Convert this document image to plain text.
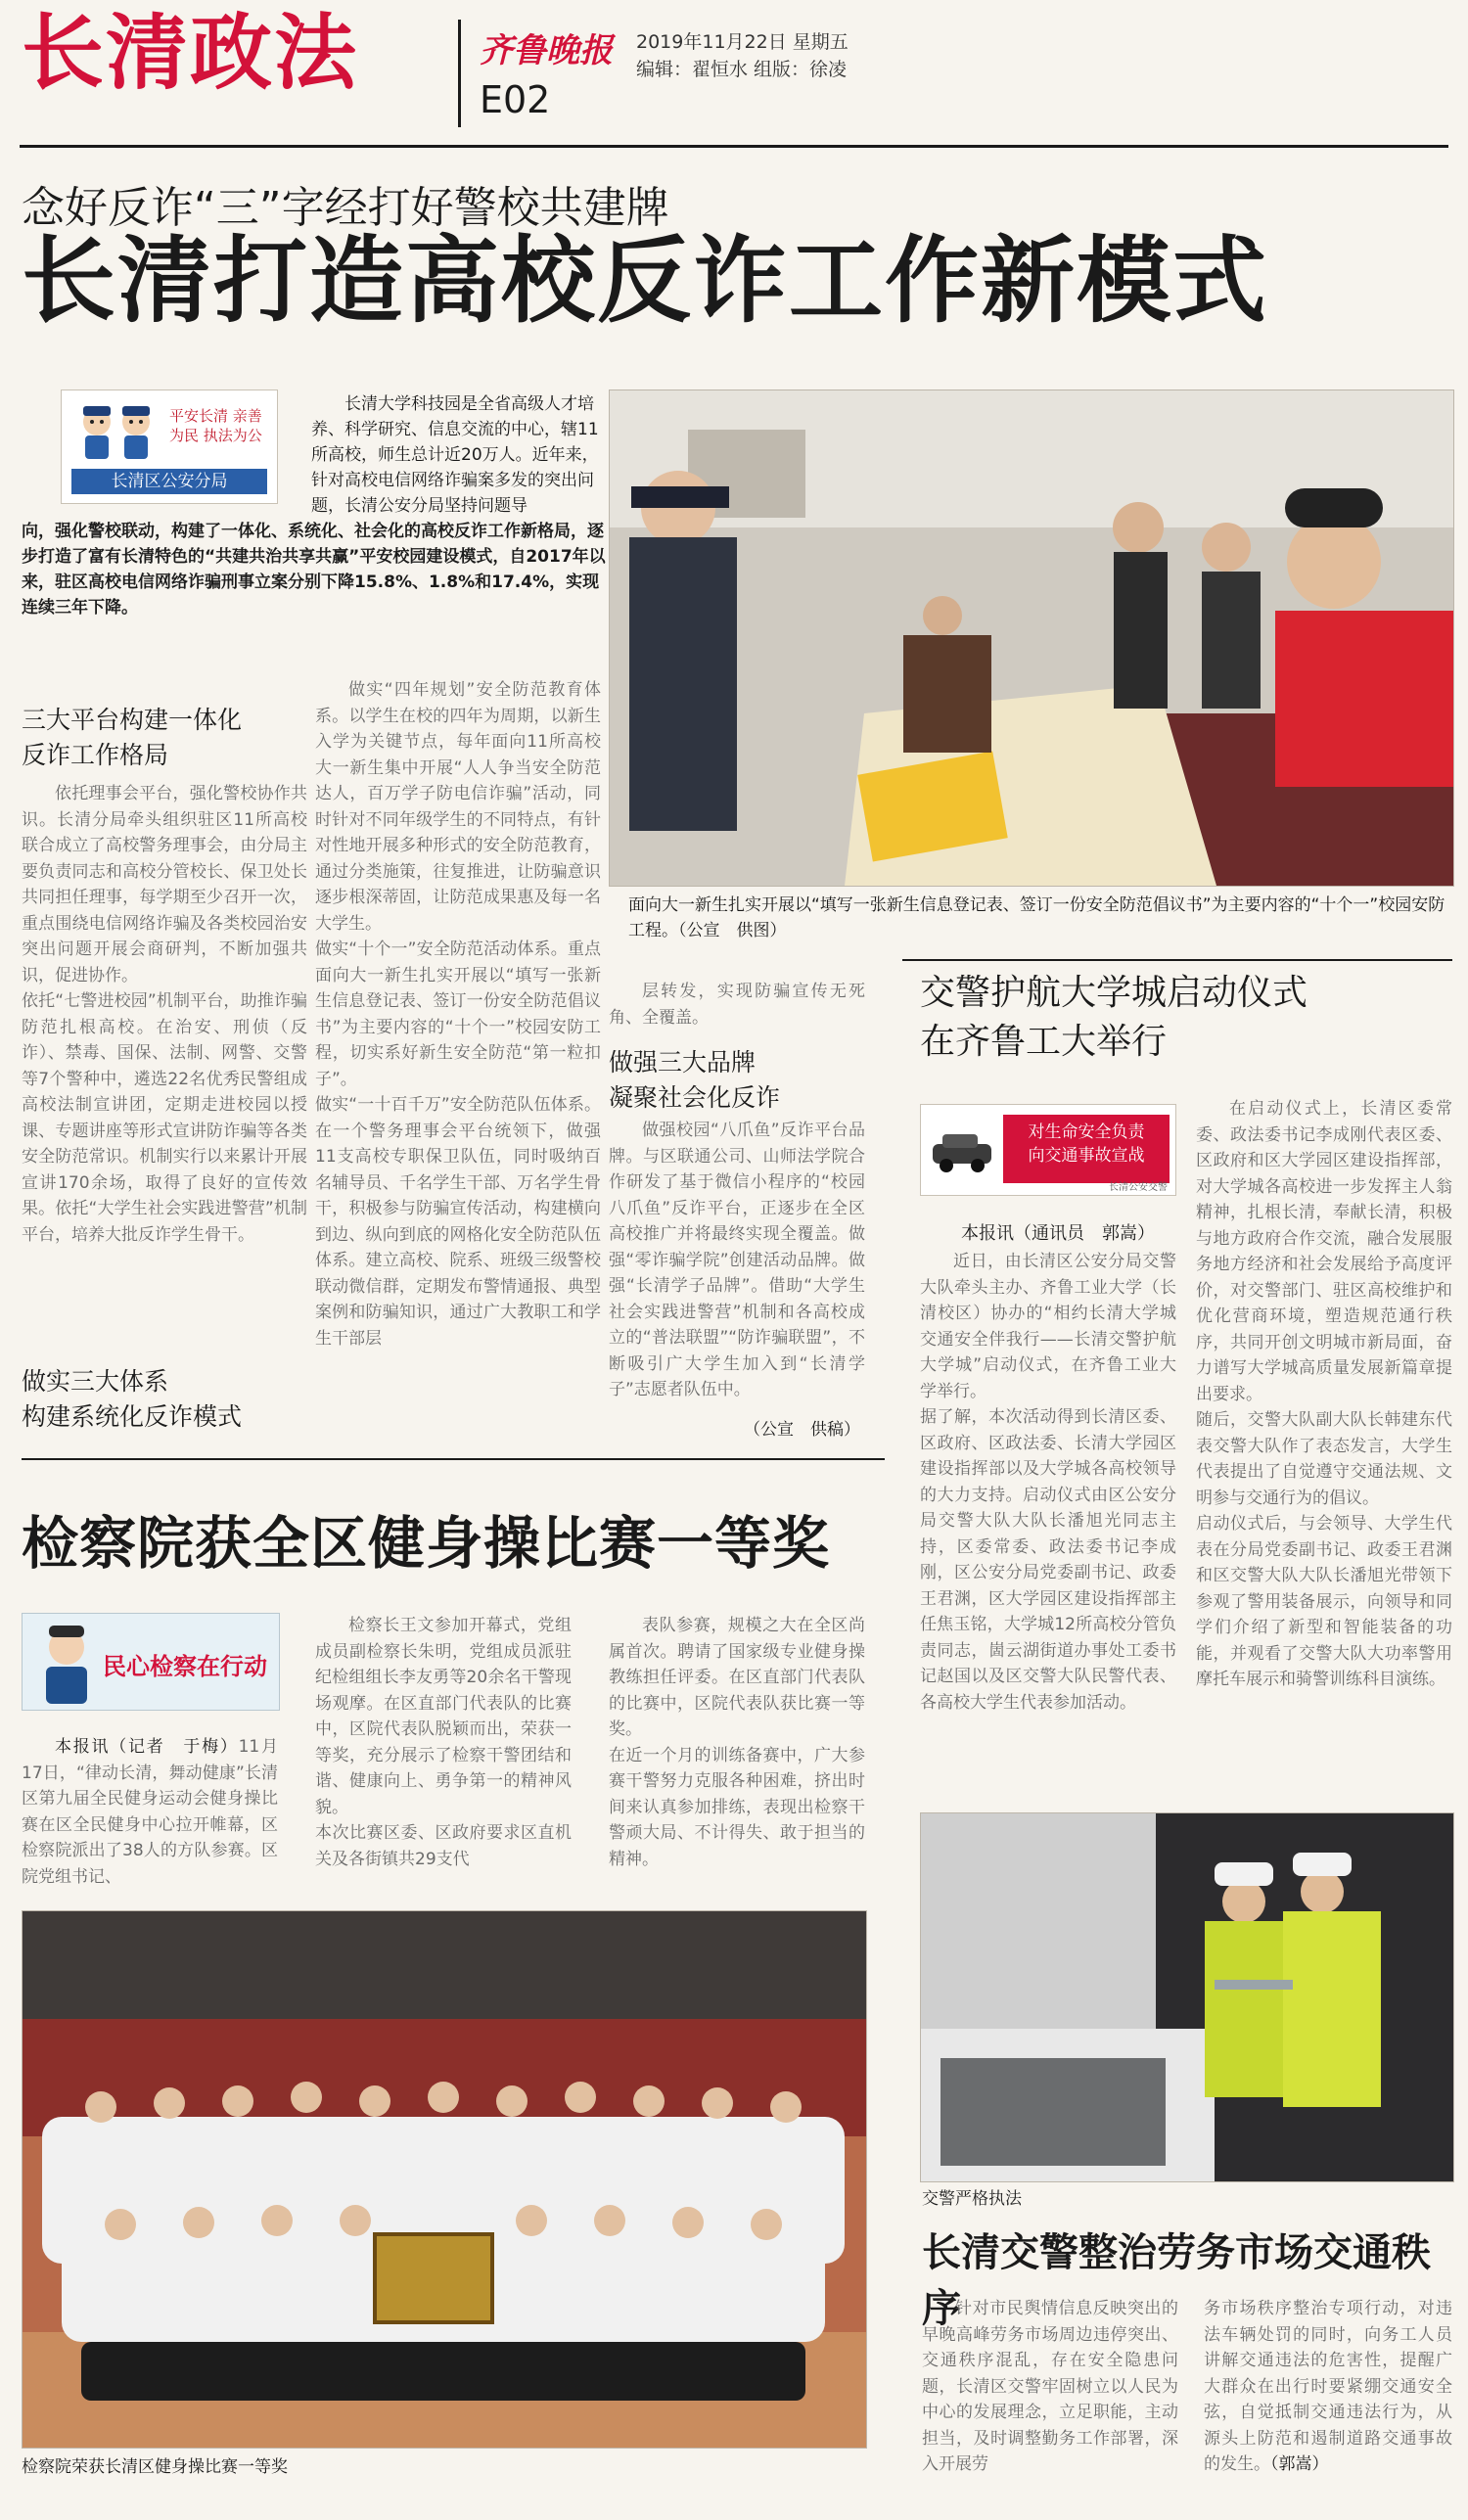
长清政法	齐鲁晚报 2019年11月22日 星期五
编辑：翟恒水 组版：徐凌
E02
念好反诈“三”字经打好警校共建牌
长清打造高校反诈工作新模式
平安长清 亲善为民 执法为公
长清区公安分局
长清大学科技园是全省高级人才培养、科学研究、信息交流的中心，辖11所高校，师生总计近20万人。近年来，针对高校电信网络诈骗案多发的突出问题，长清公安分局坚持问题导
向，强化警校联动，构建了一体化、系统化、社会化的高校反诈工作新格局，逐步打造了富有长清特色的“共建共治共享共赢”平安校园建设模式，自2017年以来，驻区高校电信网络诈骗刑事立案分别下降15.8%、1.8%和17.4%，实现连续三年下降。
面向大一新生扎实开展以“填写一张新生信息登记表、签订一份安全防范倡议书”为主要内容的“十个一”校园安防工程。（公宣　供图）
三大平台构建一体化
反诈工作格局

依托理事会平台，强化警校协作共识。长清分局牵头组织驻区11所高校联合成立了高校警务理事会，由分局主要负责同志和高校分管校长、保卫处长共同担任理事，每学期至少召开一次，重点围绕电信网络诈骗及各类校园治安突出问题开展会商研判，不断加强共识，促进协作。
依托“七警进校园”机制平台，助推诈骗防范扎根高校。在治安、刑侦（反诈）、禁毒、国保、法制、网警、交警等7个警种中，遴选22名优秀民警组成高校法制宣讲团，定期走进校园以授课、专题讲座等形式宣讲防诈骗等各类安全防范常识。机制实行以来累计开展宣讲170余场，取得了良好的宣传效果。依托“大学生社会实践进警营”机制平台，培养大批反诈学生骨干。

做实三大体系
构建系统化反诈模式

做实“四年规划”安全防范教育体系。以学生在校的四年为周期，以新生入学为关键节点，每年面向11所高校大一新生集中开展“人人争当安全防范达人，百万学子防电信诈骗”活动，同时针对不同年级学生的不同特点，有针对性地开展多种形式的安全防范教育，通过分类施策，往复推进，让防骗意识逐步根深蒂固，让防范成果惠及每一名大学生。
做实“十个一”安全防范活动体系。重点面向大一新生扎实开展以“填写一张新生信息登记表、签订一份安全防范倡议书”为主要内容的“十个一”校园安防工程，切实系好新生安全防范“第一粒扣子”。
做实“一十百千万”安全防范队伍体系。在一个警务理事会平台统领下，做强11支高校专职保卫队伍，同时吸纳百名辅导员、千名学生干部、万名学生骨干，积极参与防骗宣传活动，构建横向到边、纵向到底的网格化安全防范队伍体系。建立高校、院系、班级三级警校联动微信群，定期发布警情通报、典型案例和防骗知识，通过广大教职工和学生干部层

层转发，实现防骗宣传无死角、全覆盖。

做强三大品牌
凝聚社会化反诈

做强校园“八爪鱼”反诈平台品牌。与区联通公司、山师法学院合作研发了基于微信小程序的“校园八爪鱼”反诈平台，正逐步在全区高校推广并将最终实现全覆盖。做强“零诈骗学院”创建活动品牌。做强“长清学子品牌”。借助“大学生社会实践进警营”机制和各高校成立的“普法联盟”“防诈骗联盟”，不断吸引广大学生加入到“长清学子”志愿者队伍中。

（公宣　供稿）
交警护航大学城启动仪式
在齐鲁工大举行
对生命安全负责
向交通事故宣战
长清公安交警
本报讯（通讯员　郭嵩）

近日，由长清区公安分局交警大队牵头主办、齐鲁工业大学（长清校区）协办的“相约长清大学城　交通安全伴我行——长清交警护航大学城”启动仪式，在齐鲁工业大学举行。
据了解，本次活动得到长清区委、区政府、区政法委、长清大学园区建设指挥部以及大学城各高校领导的大力支持。启动仪式由区公安分局交警大队大队长潘旭光同志主持，区委常委、政法委书记李成刚，区公安分局党委副书记、政委王君渊，区大学园区建设指挥部主任焦玉铭，大学城12所高校分管负责同志，崮云湖街道办事处工委书记赵国以及区交警大队民警代表、各高校大学生代表参加活动。

在启动仪式上，长清区委常委、政法委书记李成刚代表区委、区政府和区大学园区建设指挥部，对大学城各高校进一步发挥主人翁精神，扎根长清，奉献长清，积极与地方政府合作交流，融合发展服务地方经济和社会发展给予高度评价，对交警部门、驻区高校维护和优化营商环境，塑造规范通行秩序，共同开创文明城市新局面，奋力谱写大学城高质量发展新篇章提出要求。
随后，交警大队副大队长韩建东代表交警大队作了表态发言，大学生代表提出了自觉遵守交通法规、文明参与交通行为的倡议。
启动仪式后，与会领导、大学生代表在分局党委副书记、政委王君渊和区交警大队大队长潘旭光带领下参观了警用装备展示，向领导和同学们介绍了新型和智能装备的功能，并观看了交警大队大功率警用摩托车展示和骑警训练科目演练。

检察院获全区健身操比赛一等奖
民心检察在行动

本报讯（记者　于梅）11月17日，“律动长清，舞动健康”长清区第九届全民健身运动会健身操比赛在区全民健身中心拉开帷幕，区检察院派出了38人的方队参赛。区院党组书记、

检察长王文参加开幕式，党组成员副检察长朱明，党组成员派驻纪检组组长李友勇等20余名干警现场观摩。在区直部门代表队的比赛中，区院代表队脱颖而出，荣获一等奖，充分展示了检察干警团结和谐、健康向上、勇争第一的精神风貌。
本次比赛区委、区政府要求区直机关及各街镇共29支代

表队参赛，规模之大在全区尚属首次。聘请了国家级专业健身操教练担任评委。在区直部门代表队的比赛中，区院代表队获比赛一等奖。
在近一个月的训练备赛中，广大参赛干警努力克服各种困难，挤出时间来认真参加排练，表现出检察干警顽大局、不计得失、敢于担当的精神。

检察院荣获长清区健身操比赛一等奖
交警严格执法
长清交警整治劳务市场交通秩序

针对市民舆情信息反映突出的早晚高峰劳务市场周边违停突出、交通秩序混乱，存在安全隐患问题，长清区交警牢固树立以人民为中心的发展理念，立足职能，主动担当，及时调整勤务工作部署，深入开展劳

务市场秩序整治专项行动，对违法车辆处罚的同时，向务工人员讲解交通违法的危害性，提醒广大群众在出行时要紧绷交通安全弦，自觉抵制交通违法行为，从源头上防范和遏制道路交通事故的发生。（郭嵩）
